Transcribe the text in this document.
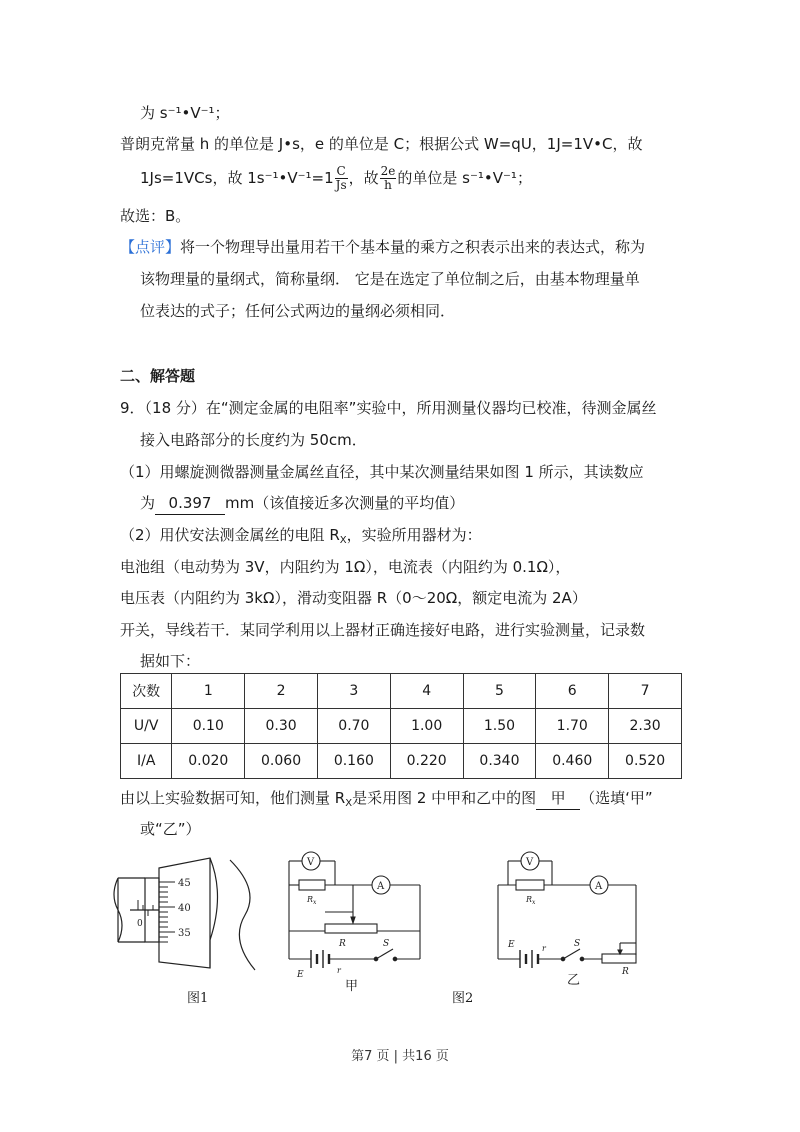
为 s⁻¹•V⁻¹；
普朗克常量 h 的单位是 J•s，e 的单位是 C；根据公式 W=qU，1J=1V•C，故
1Js=1VCs，故 1s⁻¹•V⁻¹=1 $\frac{C}{Js}$ ，故 $\frac{2e}{h}$ 的单位是 s⁻¹•V⁻¹；
故选：B。
【点评】将一个物理导出量用若干个基本量的乘方之积表示出来的表达式，称为
该物理量的量纲式，简称量纲． 它是在选定了单位制之后，由基本物理量单
位表达的式子；任何公式两边的量纲必须相同．
二、解答题
9．（18 分）在“测定金属的电阻率”实验中，所用测量仪器均已校准，待测金属丝
接入电路部分的长度约为 50cm．
（1）用螺旋测微器测量金属丝直径，其中某次测量结果如图 1 所示，其读数应
为 0.397 mm（该值接近多次测量的平均值）
（2）用伏安法测金属丝的电阻 $R_X$，实验所用器材为：
电池组（电动势为 3V，内阻约为 1Ω），电流表（内阻约为 0.1Ω），
电压表（内阻约为 3kΩ），滑动变阻器 R（0～20Ω，额定电流为 2A）
开关，导线若干．某同学利用以上器材正确连接好电路，进行实验测量，记录数
据如下：
次数	1	2	3	4	5	6	7
U/V	0.10	0.30	0.70	1.00	1.50	1.70	2.30
I/A	0.020	0.060	0.160	0.220	0.340	0.460	0.520
由以上实验数据可知，他们测量 $R_X$是采用图 2 中甲和乙中的图 甲 （选填‘甲”
或“乙”）
45
40
35
0
图1
V
A
$R_x$
R	S
E	r
甲
V
A
$R_x$
S
E	r
R
乙
图2
第7 页 | 共16 页
